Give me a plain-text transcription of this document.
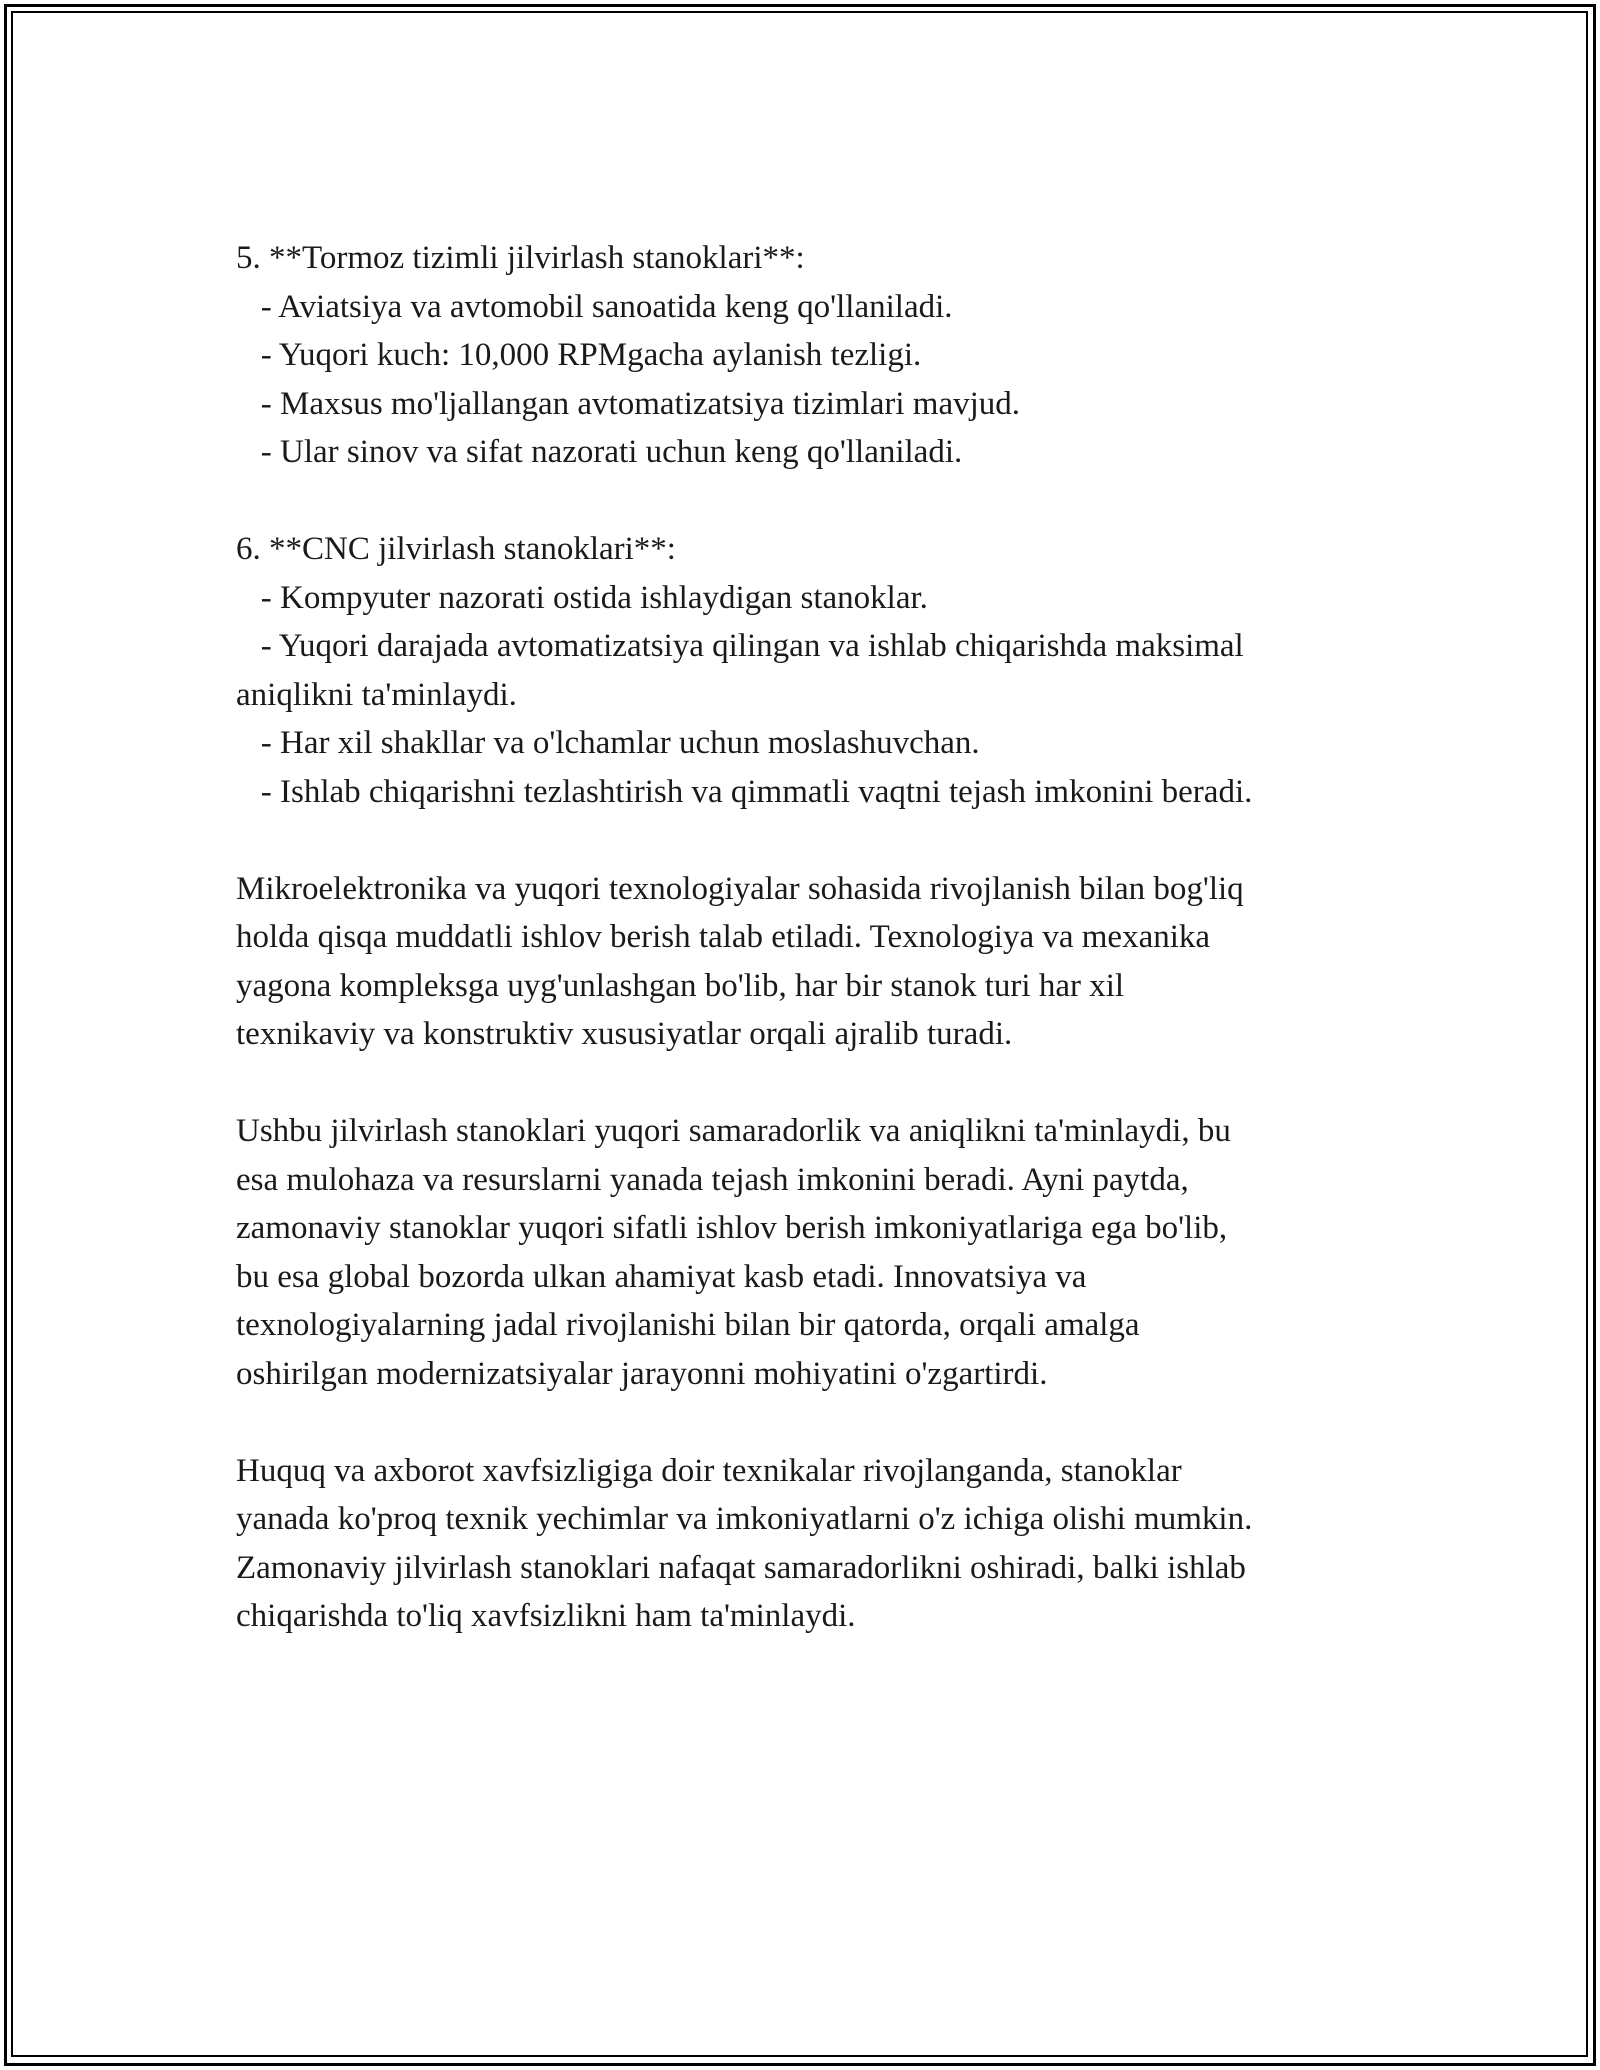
5. **Tormoz tizimli jilvirlash stanoklari**:

- Aviatsiya va avtomobil sanoatida keng qo'llaniladi.

- Yuqori kuch: 10,000 RPMgacha aylanish tezligi.

- Maxsus mo'ljallangan avtomatizatsiya tizimlari mavjud.

- Ular sinov va sifat nazorati uchun keng qo'llaniladi.

6. **CNC jilvirlash stanoklari**:

- Kompyuter nazorati ostida ishlaydigan stanoklar.

- Yuqori darajada avtomatizatsiya qilingan va ishlab chiqarishda maksimal

aniqlikni ta'minlaydi.

- Har xil shakllar va o'lchamlar uchun moslashuvchan.

- Ishlab chiqarishni tezlashtirish va qimmatli vaqtni tejash imkonini beradi.

Mikroelektronika va yuqori texnologiyalar sohasida rivojlanish bilan bog'liq

holda qisqa muddatli ishlov berish talab etiladi. Texnologiya va mexanika

yagona kompleksga uyg'unlashgan bo'lib, har bir stanok turi har xil

texnikaviy va konstruktiv xususiyatlar orqali ajralib turadi.

Ushbu jilvirlash stanoklari yuqori samaradorlik va aniqlikni ta'minlaydi, bu

esa mulohaza va resurslarni yanada tejash imkonini beradi. Ayni paytda,

zamonaviy stanoklar yuqori sifatli ishlov berish imkoniyatlariga ega bo'lib,

bu esa global bozorda ulkan ahamiyat kasb etadi. Innovatsiya va

texnologiyalarning jadal rivojlanishi bilan bir qatorda, orqali amalga

oshirilgan modernizatsiyalar jarayonni mohiyatini o'zgartirdi.

Huquq va axborot xavfsizligiga doir texnikalar rivojlanganda, stanoklar

yanada ko'proq texnik yechimlar va imkoniyatlarni o'z ichiga olishi mumkin.

Zamonaviy jilvirlash stanoklari nafaqat samaradorlikni oshiradi, balki ishlab

chiqarishda to'liq xavfsizlikni ham ta'minlaydi.
